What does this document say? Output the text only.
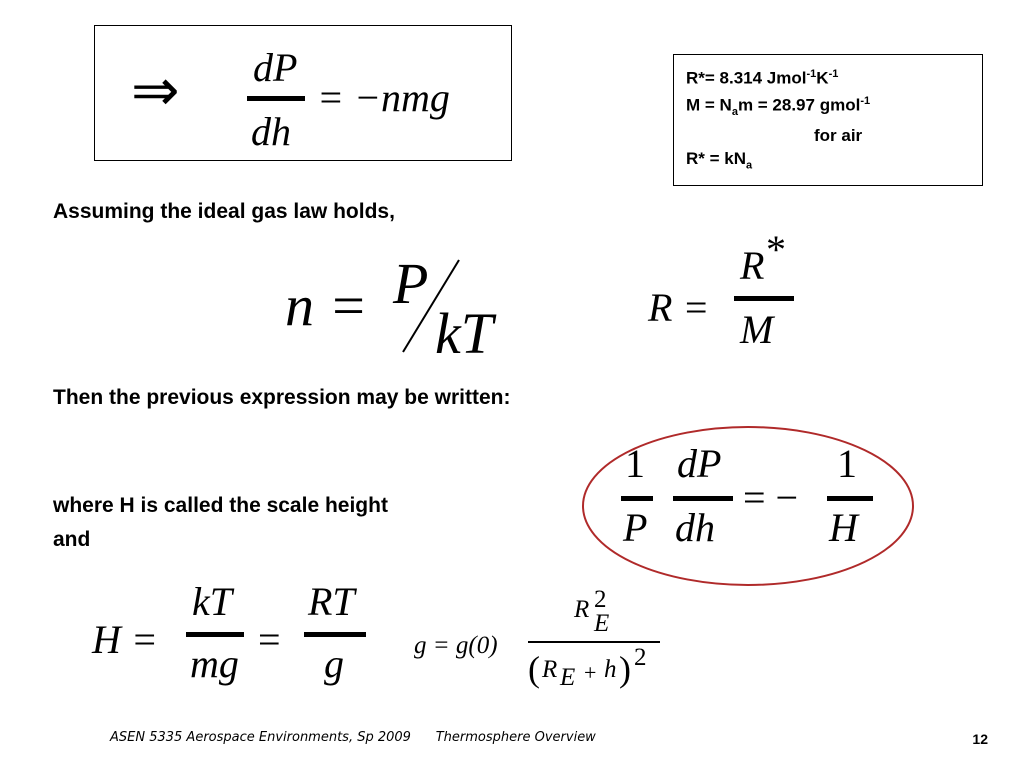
⇒ dP
dh
= −nmg	R*= 8.314 $Jmol^{-1}K^{-1}$
$M = N_am = 28.97$ gmol$^{-1}$
for air
$R* = kN_a$
Assuming the ideal gas law holds,
Then the previous expression may be written:
where H is called the scale height
and
n = P
kT	R =
R *
M
1
P
dP
dh
= −
1
H
H =
kT
mg
=
RT
g	g = g(0)
R 2
E
( R E + h ) 2
ASEN 5335 Aerospace Environments, Sp 2009      Thermosphere Overview	12
